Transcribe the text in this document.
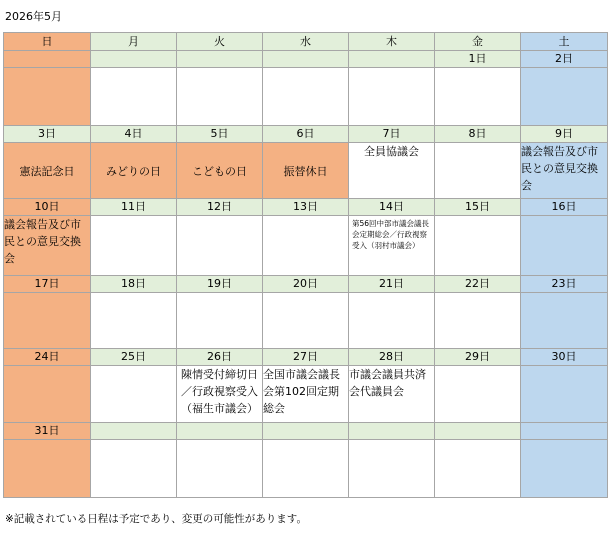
2026年5月
日	月	火	水	木	金	土
					1日	2日

3日	4日	5日	6日	7日	8日	9日
憲法記念日	みどりの日	こどもの日	振替休日	全員協議会		議会報告及び市民との意見交換会
10日	11日	12日	13日	14日	15日	16日
議会報告及び市民との意見交換会				第56回中部市議会議長会定期総会／行政視察受入（羽村市議会）		
17日	18日	19日	20日	21日	22日	23日

24日	25日	26日	27日	28日	29日	30日
		陳情受付締切日／行政視察受入（福生市議会）	全国市議会議長会第102回定期総会	市議会議員共済会代議員会		
31日						

※記載されている日程は予定であり、変更の可能性があります。
